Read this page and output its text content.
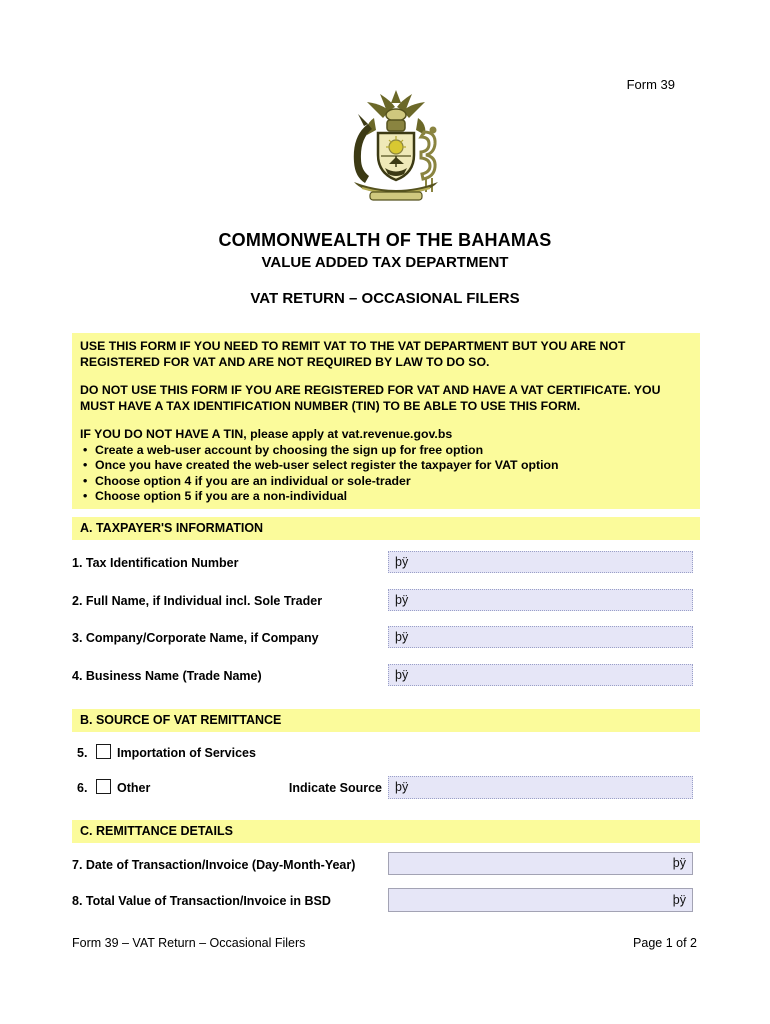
Form 39
COMMONWEALTH OF THE BAHAMAS
VALUE ADDED TAX DEPARTMENT
VAT RETURN – OCCASIONAL FILERS

USE THIS FORM IF YOU NEED TO REMIT VAT TO THE VAT DEPARTMENT BUT YOU ARE NOT REGISTERED FOR VAT AND ARE NOT REQUIRED BY LAW TO DO SO.

DO NOT USE THIS FORM IF YOU ARE REGISTERED FOR VAT AND HAVE A VAT CERTIFICATE. YOU MUST HAVE A TAX IDENTIFICATION NUMBER (TIN) TO BE ABLE TO USE THIS FORM.

IF YOU DO NOT HAVE A TIN, please apply at vat.revenue.gov.bs

• Create a web-user account by choosing the sign up for free option
• Once you have created the web-user select register the taxpayer for VAT option
• Choose option 4 if you are an individual or sole-trader
• Choose option 5 if you are a non-individual
A. TAXPAYER'S INFORMATION
1. Tax Identification Number	þÿ
2. Full Name, if Individual incl. Sole Trader	þÿ
3. Company/Corporate Name, if Company	þÿ
4. Business Name (Trade Name)	þÿ
B. SOURCE OF VAT REMITTANCE
5. Importation of Services
6. Other	Indicate Source	þÿ
C. REMITTANCE DETAILS
7. Date of Transaction/Invoice (Day-Month-Year)	þÿ
8. Total Value of Transaction/Invoice in BSD	þÿ
Form 39 – VAT Return – Occasional Filers	Page 1 of 2
